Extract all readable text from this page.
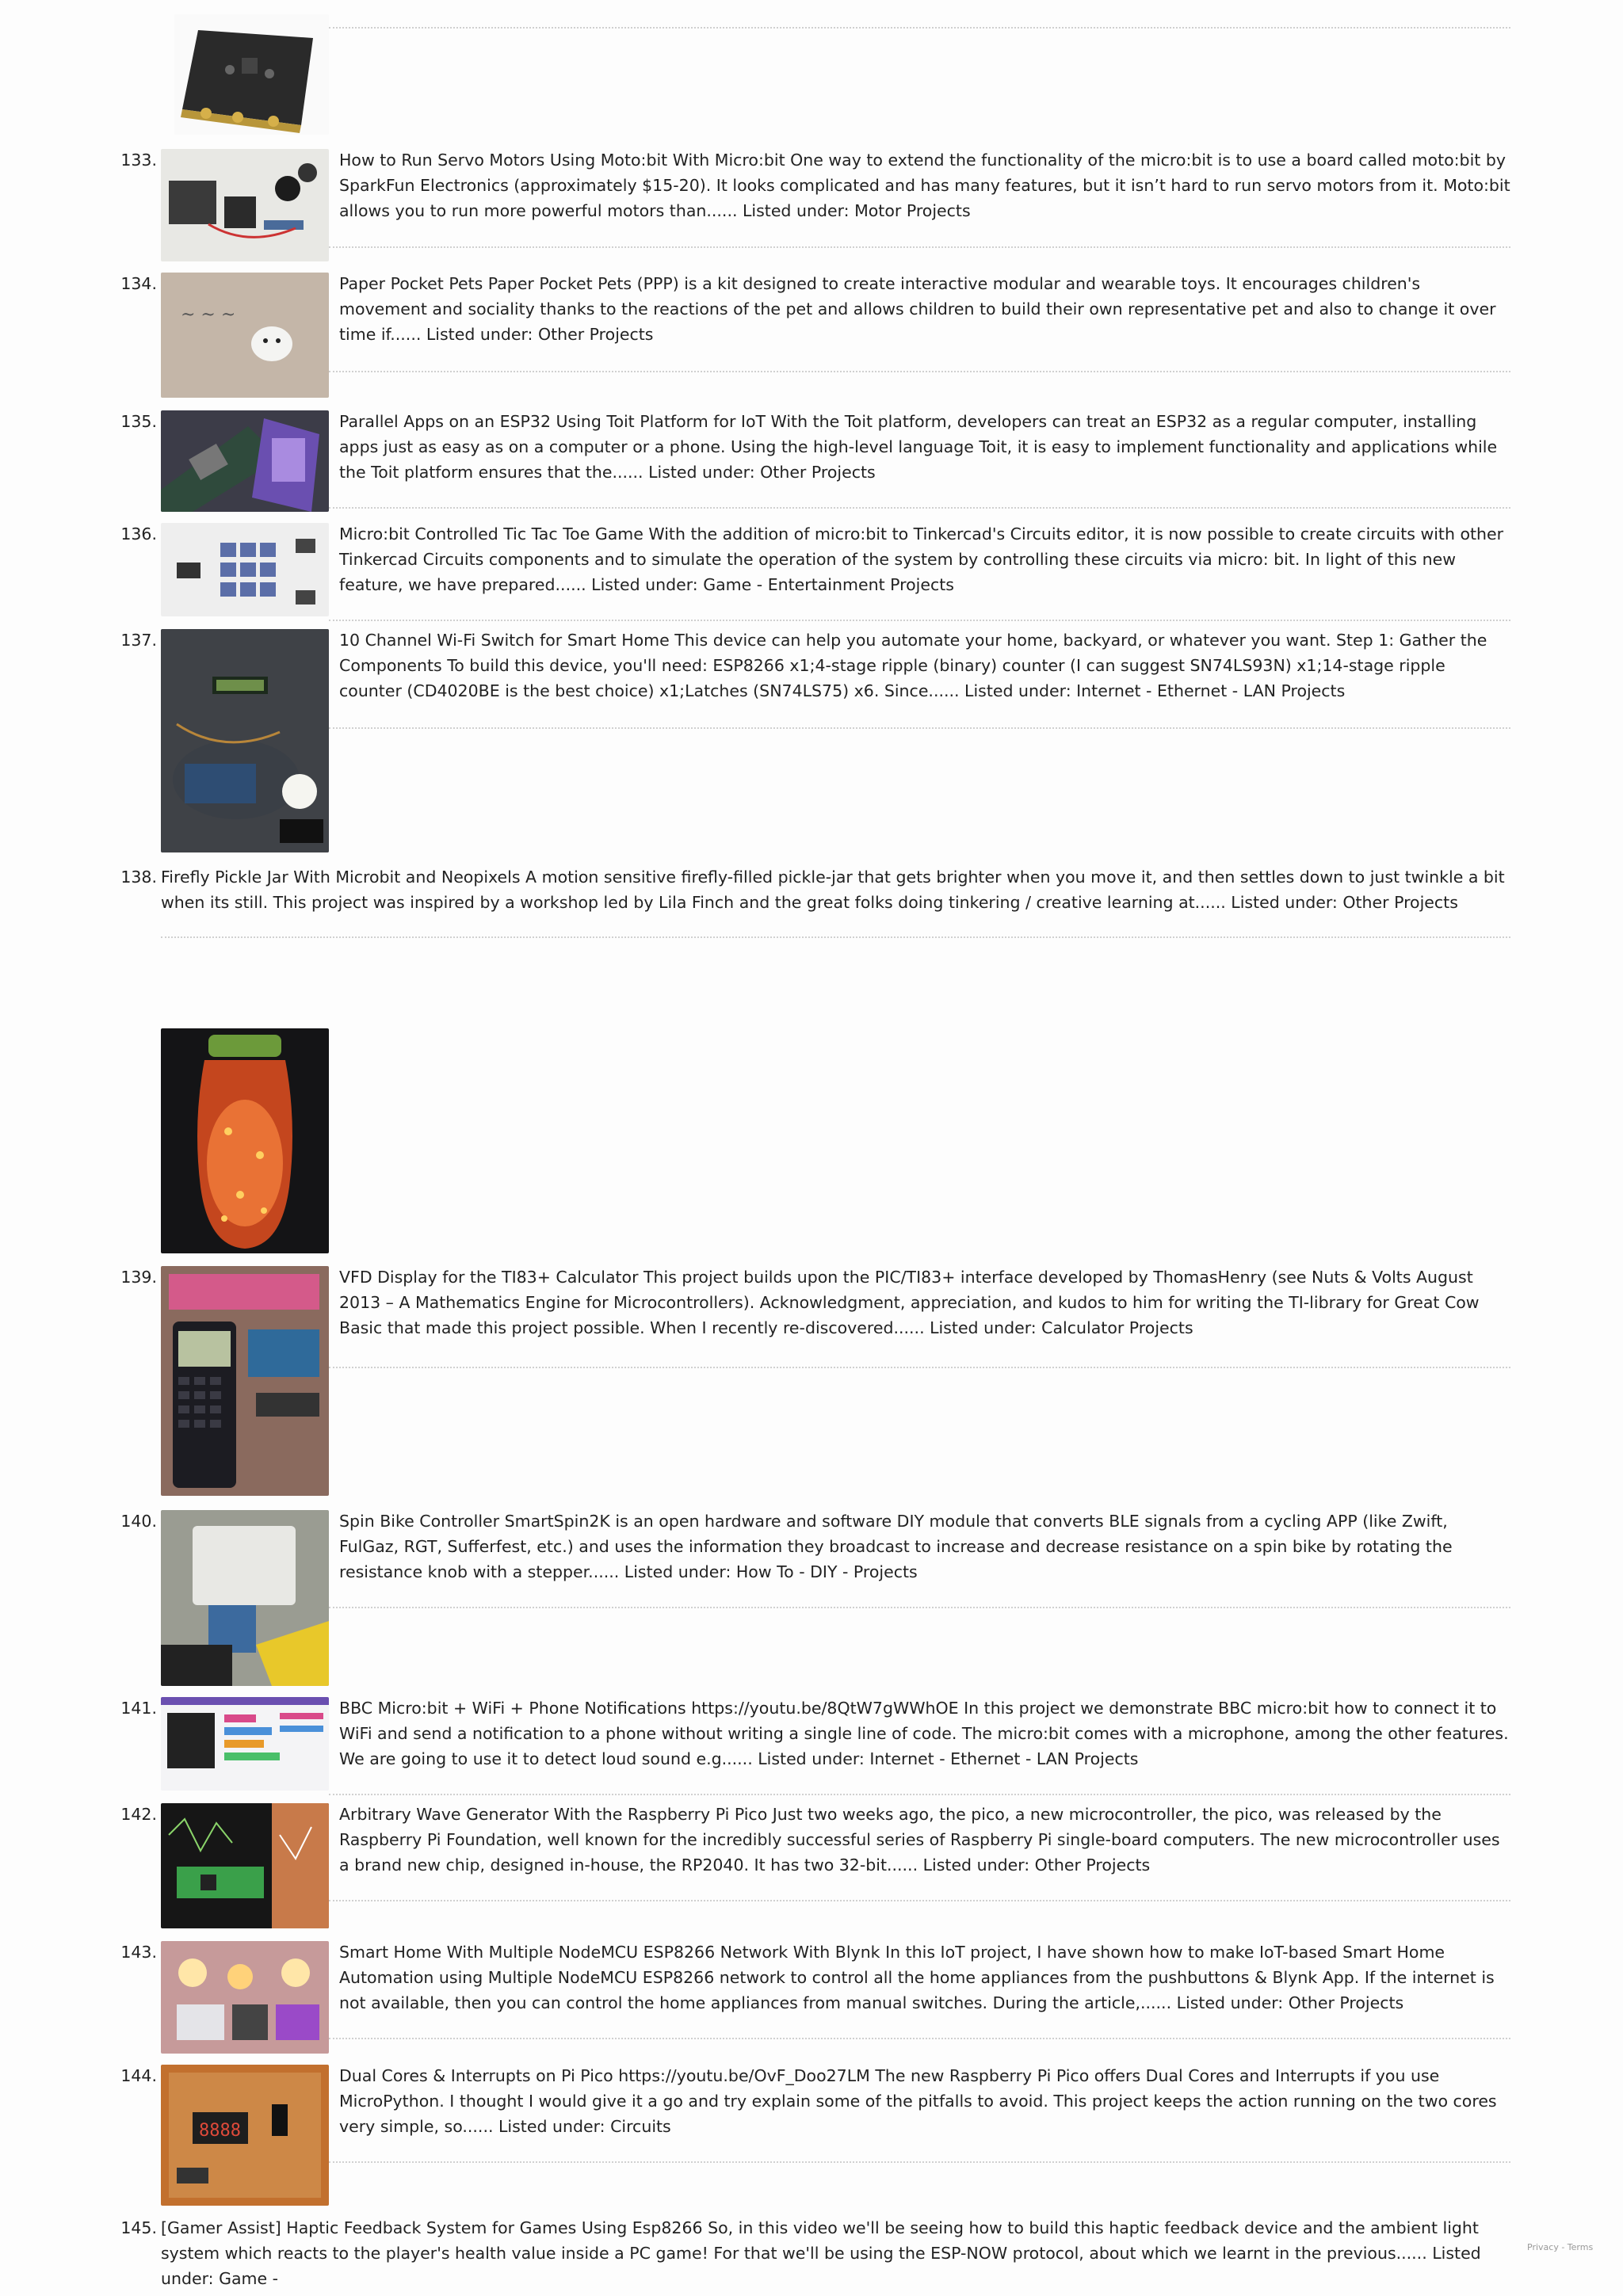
133.	How to Run Servo Motors Using Moto:bit With Micro:bit One way to extend the functionality of the micro:bit is to use a board called moto:bit by SparkFun Electronics (approximately $15-20). It looks complicated and has many features, but it isn’t hard to run servo motors from it. Moto:bit allows you to run more powerful motors than...... Listed under: Motor Projects
134.
~ ~ ~
Paper Pocket Pets Paper Pocket Pets (PPP) is a kit designed to create interactive modular and wearable toys. It encourages children's movement and sociality thanks to the reactions of the pet and allows children to build their own representative pet and also to change it over time if...... Listed under: Other Projects
135.	Parallel Apps on an ESP32 Using Toit Platform for IoT With the Toit platform, developers can treat an ESP32 as a regular computer, installing apps just as easy as on a computer or a phone. Using the high-level language Toit, it is easy to implement functionality and applications while the Toit platform ensures that the...... Listed under: Other Projects
136.	Micro:bit Controlled Tic Tac Toe Game With the addition of micro:bit to Tinkercad's Circuits editor, it is now possible to create circuits with other Tinkercad Circuits components and to simulate the operation of the system by controlling these circuits via micro: bit. In light of this new feature, we have prepared...... Listed under: Game - Entertainment Projects
137.	10 Channel Wi-Fi Switch for Smart Home This device can help you automate your home, backyard, or whatever you want. Step 1: Gather the Components To build this device, you'll need: ESP8266 x1;4-stage ripple (binary) counter (I can suggest SN74LS93N) x1;14-stage ripple counter (CD4020BE is the best choice) x1;Latches (SN74LS75) x6. Since...... Listed under: Internet - Ethernet - LAN Projects
138. Firefly Pickle Jar With Microbit and Neopixels A motion sensitive firefly-filled pickle-jar that gets brighter when you move it, and then settles down to just twinkle a bit when its still. This project was inspired by a workshop led by Lila Finch and the great folks doing tinkering / creative learning at...... Listed under: Other Projects
139.	VFD Display for the TI83+ Calculator This project builds upon the PIC/TI83+ interface developed by ThomasHenry (see Nuts & Volts August 2013 – A Mathematics Engine for Microcontrollers). Acknowledgment, appreciation, and kudos to him for writing the TI-library for Great Cow Basic that made this project possible. When I recently re-discovered...... Listed under: Calculator Projects
140.	Spin Bike Controller SmartSpin2K is an open hardware and software DIY module that converts BLE signals from a cycling APP (like Zwift, FulGaz, RGT, Sufferfest, etc.) and uses the information they broadcast to increase and decrease resistance on a spin bike by rotating the resistance knob with a stepper...... Listed under: How To - DIY - Projects
141.	BBC Micro:bit + WiFi + Phone Notifications https://youtu.be/8QtW7gWWhOE In this project we demonstrate BBC micro:bit how to connect it to WiFi and send a notification to a phone without writing a single line of code. The micro:bit comes with a microphone, among the other features. We are going to use it to detect loud sound e.g...... Listed under: Internet - Ethernet - LAN Projects
142.	Arbitrary Wave Generator With the Raspberry Pi Pico Just two weeks ago, the pico, a new microcontroller, the pico, was released by the Raspberry Pi Foundation, well known for the incredibly successful series of Raspberry Pi single-board computers. The new microcontroller uses a brand new chip, designed in-house, the RP2040. It has two 32-bit...... Listed under: Other Projects
143.	Smart Home With Multiple NodeMCU ESP8266 Network With Blynk In this IoT project, I have shown how to make IoT-based Smart Home Automation using Multiple NodeMCU ESP8266 network to control all the home appliances from the pushbuttons & Blynk App. If the internet is not available, then you can control the home appliances from manual switches. During the article,...... Listed under: Other Projects
144.
8888
Dual Cores & Interrupts on Pi Pico https://youtu.be/OvF_Doo27LM The new Raspberry Pi Pico offers Dual Cores and Interrupts if you use MicroPython. I thought I would give it a go and try explain some of the pitfalls to avoid. This project keeps the action running on the two cores very simple, so...... Listed under: Circuits
145. [Gamer Assist] Haptic Feedback System for Games Using Esp8266 So, in this video we'll be seeing how to build this haptic feedback device and the ambient light system which reacts to the player's health value inside a PC game! For that we'll be using the ESP-NOW protocol, about which we learnt in the previous...... Listed under: Game -
Privacy - Terms
